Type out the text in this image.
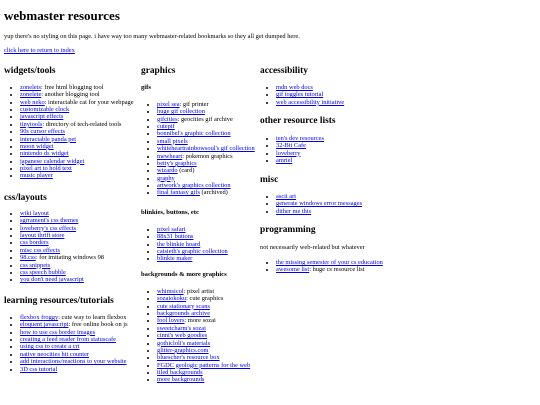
webmaster resources

yup there's no styling on this page. i have way too many webmaster-related bookmarks so they all get dumped here.

click here to return to index
widgets/tools
• zonelets: free html blogging tool
• zonelete: another blogging tool
• web neko: interactable cat for your webpage
• customizable clock
• javascript effects
• tinytools: directory of tech-related tools
• 90s cursor effects
• interactable panda pet
• moon widget
• nintendo ds widget
• japanese calendar widget
• pixel art to hold text
• music player
css/layouts
• wiki layout
• sgrrament's css themes
• loveberry's css effects
• layout thrift store
• css borders
• misc css effects
• 98.css: for imitating windows 98
• css snippets
• css speech bubble
• you don't need javascript
learning resources/tutorials
• flexbox froggy: cute way to learn flexbox
• eloquent javascript: free online book on js
• how to use css border images
• creating a feed reader from statuscafe
• using css to create a crt
• native neocities hit counter
• add interactions/reactions to your website
• 3D css tutorial
graphics
gifs
• pixel sea: gif printer
• huge gif collection
• gifcities: geocities gif archive
• cutepif
• bonnibel's graphic collection
• small pixels
• whiteheartrainbowsoul's gif collection
• mewheart: pokemon graphics
• betty's graphics
• wizardo (card)
• graphy
• artwork's graphics collection
• final fantasy gifs (archived)
blinkies, buttons, etc
• pixel safari
• 88x31 buttons
• the blinkie hoard
• catsieth's graphic collection
• blinkie maker
backgrounds & more graphics
• whimsicol: pixel artist
• sozaiokoku: cute graphics
• cute stationary scans
• backgrounds archive
• fool lovers: more sozai
• sweetcharm's sozai
• cinni's web goodies
• gothicloli's materials
• glitter-graphics.com
• bluescher's resource box
• FGDC geologic patterns for the web
• tiled backgrounds
• more backgrounds
accessibility
• mdn web docs
• gif toggles tutorial
• web accessibility initiative
other resource lists
• ten's dev resources
• 32-Bit Cafe
• loveberry
• amriel
misc
• ascii art
• generate windows error messages
• dither me this
programming

not necessarily web-related but whatever

• the missing semester of your cs education
• awesome list: huge cs resource list
